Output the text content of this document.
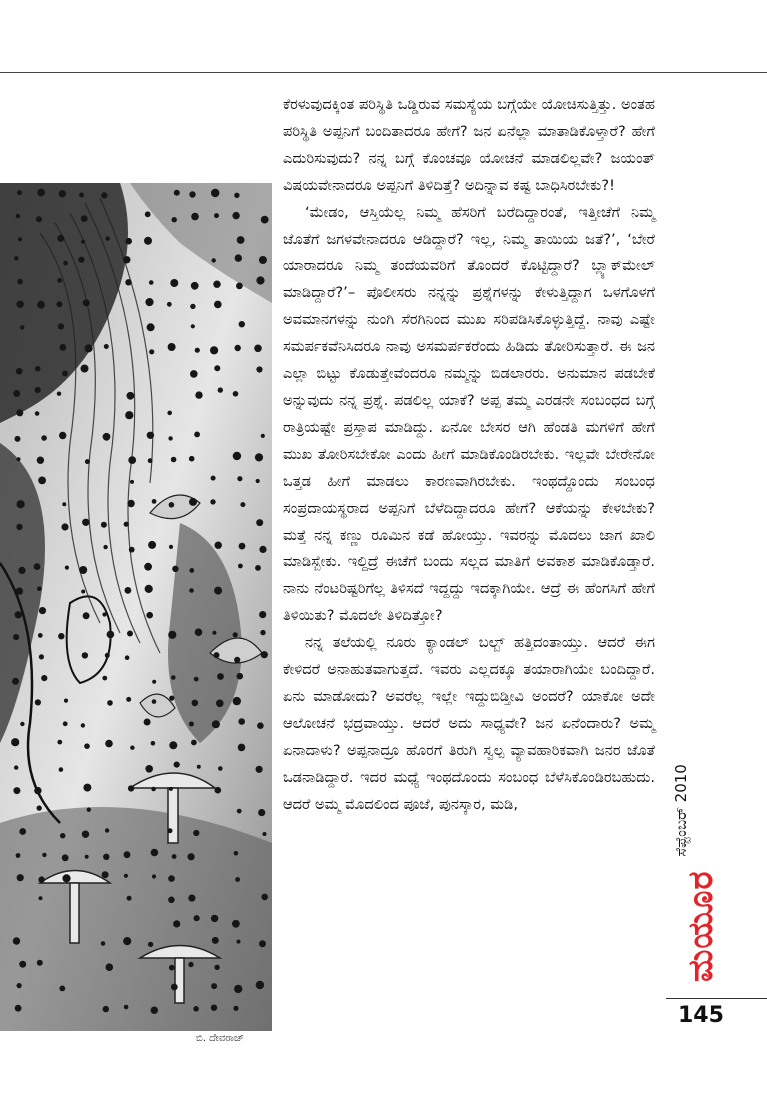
ಬಿ. ದೇವರಾಜ್

ಕೆರಳುವುದಕ್ಕಿಂತ ಪರಿಸ್ಥಿತಿ ಒಡ್ಡಿರುವ ಸಮಸ್ಯೆಯ ಬಗ್ಗೆಯೇ ಯೋಚಿಸುತ್ತಿತ್ತು. ಅಂತಹ ಪರಿಸ್ಥಿತಿ ಅಪ್ಪನಿಗೆ ಬಂದಿತಾದರೂ ಹೇಗೆ? ಜನ ಏನೆಲ್ಲಾ ಮಾತಾಡಿಕೊಳ್ತಾರೆ? ಹೇಗೆ ಎದುರಿಸುವುದು? ನನ್ನ ಬಗ್ಗೆ ಕೊಂಚವೂ ಯೋಚನೆ ಮಾಡಲಿಲ್ಲವೇ? ಜಯಂತ್ ವಿಷಯವೇನಾದರೂ ಅಪ್ಪನಿಗೆ ತಿಳಿದಿತ್ತೆ? ಅದಿನ್ನಾವ ಕಷ್ಟ ಬಾಧಿಸಿರಬೇಕು?!

‘ಮೇಡಂ, ಆಸ್ತಿಯೆಲ್ಲ ನಿಮ್ಮ ಹೆಸರಿಗೆ ಬರೆದಿದ್ದಾರಂತೆ, ಇತ್ತೀಚೆಗೆ ನಿಮ್ಮ ಜೊತೆಗೆ ಜಗಳವೇನಾದರೂ ಆಡಿದ್ದಾರೆ? ಇಲ್ಲ, ನಿಮ್ಮ ತಾಯಿಯ ಜತೆ?’, ‘ಬೇರೆ ಯಾರಾದರೂ ನಿಮ್ಮ ತಂದೆಯವರಿಗೆ ತೊಂದರೆ ಕೊಟ್ಟಿದ್ದಾರೆ? ಬ್ಲ್ಯಾಕ್‌ಮೇಲ್ ಮಾಡಿದ್ದಾರೆ?’– ಪೊಲೀಸರು ನನ್ನನ್ನು ಪ್ರಶ್ನೆಗಳನ್ನು ಕೇಳುತ್ತಿದ್ದಾಗ ಒಳಗೊಳಗೆ ಅವಮಾನಗಳನ್ನು ನುಂಗಿ ಸೆರಗಿನಿಂದ ಮುಖ ಸರಿಪಡಿಸಿಕೊಳ್ಳುತ್ತಿದ್ದೆ. ನಾವು ಎಷ್ಟೇ ಸಮರ್ಪಕವೆನಿಸಿದರೂ ನಾವು ಅಸಮರ್ಪಕರೆಂದು ಹಿಡಿದು ತೋರಿಸುತ್ತಾರೆ. ಈ ಜನ ಎಲ್ಲಾ ಬಿಟ್ಟು ಕೊಡುತ್ತೇವೆಂದರೂ ನಮ್ಮನ್ನು ಬಿಡಲಾರರು. ಅನುಮಾನ ಪಡಬೇಕೆ ಅನ್ನುವುದು ನನ್ನ ಪ್ರಶ್ನೆ. ಪಡಲಿಲ್ಲ ಯಾಕೆ? ಅಪ್ಪ ತಮ್ಮ ಎರಡನೇ ಸಂಬಂಧದ ಬಗ್ಗೆ ರಾತ್ರಿಯಷ್ಟೇ ಪ್ರಸ್ತಾಪ ಮಾಡಿದ್ದು. ಏನೋ ಬೇಸರ ಆಗಿ ಹೆಂಡತಿ ಮಗಳಿಗೆ ಹೇಗೆ ಮುಖ ತೋರಿಸಬೇಕೋ ಎಂದು ಹೀಗೆ ಮಾಡಿಕೊಂಡಿರಬೇಕು. ಇಲ್ಲವೇ ಬೇರೇನೋ ಒತ್ತಡ ಹೀಗೆ ಮಾಡಲು ಕಾರಣವಾಗಿರಬೇಕು. ಇಂಥದ್ದೊಂದು ಸಂಬಂಧ ಸಂಪ್ರದಾಯಸ್ಥರಾದ ಅಪ್ಪನಿಗೆ ಬೆಳೆದಿದ್ದಾದರೂ ಹೇಗೆ? ಆಕೆಯನ್ನು ಕೇಳಬೇಕು? ಮತ್ತೆ ನನ್ನ ಕಣ್ಣು ರೂಮಿನ ಕಡೆ ಹೋಯ್ತು. ಇವರನ್ನು ಮೊದಲು ಜಾಗ ಖಾಲಿ ಮಾಡಿಸ್ಬೇಕು. ಇಲ್ದಿದ್ರೆ ಈಚೆಗೆ ಬಂದು ಸಲ್ಲದ ಮಾತಿಗೆ ಅವಕಾಶ ಮಾಡಿಕೊಡ್ತಾರೆ. ನಾನು ನೆಂಟರಿಷ್ಟರಿಗೆಲ್ಲ ತಿಳಿಸದೆ ಇದ್ದದ್ದು ಇದಕ್ಕಾಗಿಯೇ. ಆದ್ರೆ ಈ ಹೆಂಗಸಿಗೆ ಹೇಗೆ ತಿಳಿಯಿತು? ಮೊದಲೇ ತಿಳಿದಿತ್ತೋ?

ನನ್ನ ತಲೆಯಲ್ಲಿ ನೂರು ಕ್ಯಾಂಡಲ್ ಬಲ್ಬ್ ಹತ್ತಿದಂತಾಯ್ತು. ಆದರೆ ಈಗ ಕೇಳಿದರೆ ಅನಾಹುತವಾಗುತ್ತದೆ. ಇವರು ಎಲ್ಲದಕ್ಕೂ ತಯಾರಾಗಿಯೇ ಬಂದಿದ್ದಾರೆ. ಏನು ಮಾಡೋದು? ಅವರೆಲ್ಲ ಇಲ್ಲೇ ಇದ್ದುಬಿಡ್ತೀವಿ ಅಂದರೆ? ಯಾಕೋ ಅದೇ ಆಲೋಚನೆ ಭದ್ರವಾಯ್ತು. ಆದರೆ ಅದು ಸಾಧ್ಯವೇ? ಜನ ಏನೆಂದಾರು? ಅಮ್ಮ ಏನಾದಾಳು? ಅಪ್ಪನಾದ್ರೂ ಹೊರಗೆ ತಿರುಗಿ ಸ್ವಲ್ಪ ವ್ಯಾವಹಾರಿಕವಾಗಿ ಜನರ ಜೊತೆ ಒಡನಾಡಿದ್ದಾರೆ. ಇದರ ಮಧ್ಯೆ ಇಂಥದೊಂದು ಸಂಬಂಧ ಬೆಳೆಸಿಕೊಂಡಿರಬಹುದು. ಆದರೆ ಅಮ್ಮ ಮೊದಲಿಂದ ಪೂಜೆ, ಪುನಸ್ಕಾರ, ಮಡಿ,

ಮಯೂರ
ಸೆಪ್ಟೆಂಬರ್ 2010
145
